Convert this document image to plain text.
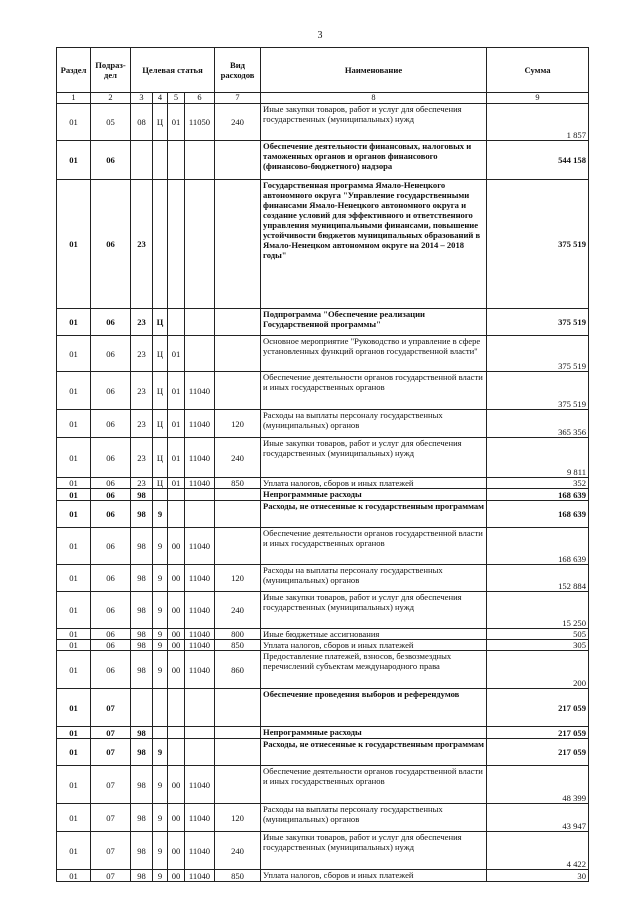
3
Раздел	Подраз-дел	Целевая статья				Вид расходов	Наименование	Сумма
1	2	3	4	5	6	7	8	9
01	05	08	Ц	01	11050	240	Иные закупки товаров, работ и услуг для обеспечения государственных (муниципальных) нужд	1 857
01	06						Обеспечение деятельности финансовых, налоговых и таможенных органов и органов финансового (финансово-бюджетного) надзора	544 158
01	06	23					Государственная программа Ямало-Ненецкого автономного округа "Управление государственными финансами Ямало-Ненецкого автономного округа и создание условий для эффективного и ответственного управления муниципальными финансами, повышение устойчивости бюджетов муниципальных образований в Ямало-Ненецком автономном округе на 2014 – 2018 годы"	375 519
01	06	23	Ц				Подпрограмма "Обеспечение реализации Государственной программы"	375 519
01	06	23	Ц	01			Основное мероприятие "Руководство и управление в сфере установленных функций органов государственной власти"	375 519
01	06	23	Ц	01	11040		Обеспечение деятельности органов государственной власти и иных государственных органов	375 519
01	06	23	Ц	01	11040	120	Расходы на выплаты персоналу государственных (муниципальных) органов	365 356
01	06	23	Ц	01	11040	240	Иные закупки товаров, работ и услуг для обеспечения государственных (муниципальных) нужд	9 811
01	06	23	Ц	01	11040	850	Уплата налогов, сборов и иных платежей	352
01	06	98					Непрограммные расходы	168 639
01	06	98	9				Расходы, не отнесенные к государственным программам	168 639
01	06	98	9	00	11040		Обеспечение деятельности органов государственной власти и иных государственных органов	168 639
01	06	98	9	00	11040	120	Расходы на выплаты персоналу государственных (муниципальных) органов	152 884
01	06	98	9	00	11040	240	Иные закупки товаров, работ и услуг для обеспечения государственных (муниципальных) нужд	15 250
01	06	98	9	00	11040	800	Иные бюджетные ассигнования	505
01	06	98	9	00	11040	850	Уплата налогов, сборов и иных платежей	305
01	06	98	9	00	11040	860	Предоставление платежей, взносов, безвозмездных перечислений субъектам международного права	200
01	07						Обеспечение проведения выборов и референдумов	217 059
01	07	98					Непрограммные расходы	217 059
01	07	98	9				Расходы, не отнесенные к государственным программам	217 059
01	07	98	9	00	11040		Обеспечение деятельности органов государственной власти и иных государственных органов	48 399
01	07	98	9	00	11040	120	Расходы на выплаты персоналу государственных (муниципальных) органов	43 947
01	07	98	9	00	11040	240	Иные закупки товаров, работ и услуг для обеспечения государственных (муниципальных) нужд	4 422
01	07	98	9	00	11040	850	Уплата налогов, сборов и иных платежей	30
